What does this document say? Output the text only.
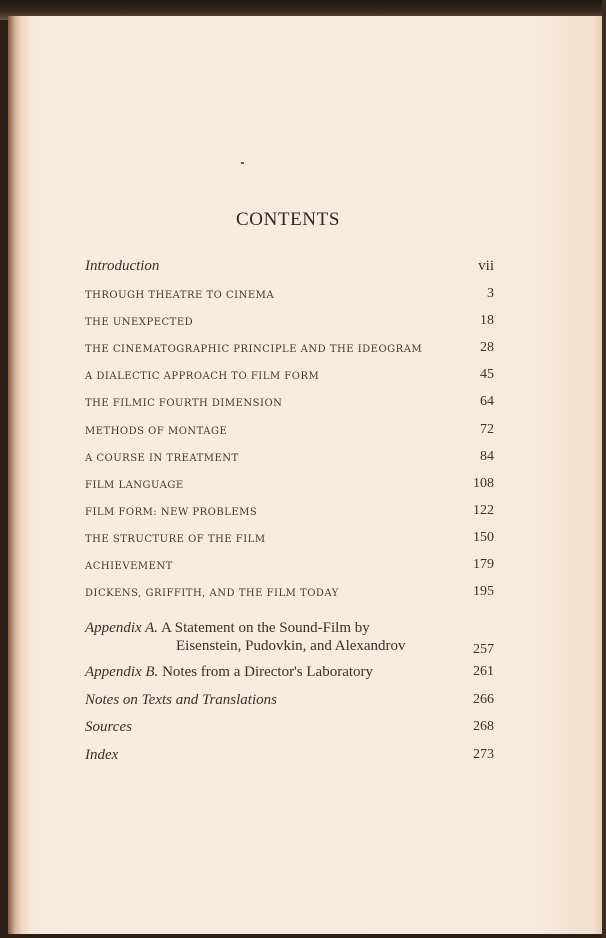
CONTENTS
Introduction	vii
THROUGH THEATRE TO CINEMA	3
THE UNEXPECTED	18
THE CINEMATOGRAPHIC PRINCIPLE AND THE IDEOGRAM	28
A DIALECTIC APPROACH TO FILM FORM	45
THE FILMIC FOURTH DIMENSION	64
METHODS OF MONTAGE	72
A COURSE IN TREATMENT	84
FILM LANGUAGE	108
FILM FORM: NEW PROBLEMS	122
THE STRUCTURE OF THE FILM	150
ACHIEVEMENT	179
DICKENS, GRIFFITH, AND THE FILM TODAY	195
Appendix A. A Statement on the Sound-Film by
Eisenstein, Pudovkin, and Alexandrov	257
Appendix B. Notes from a Director's Laboratory	261
Notes on Texts and Translations	266
Sources	268
Index	273
